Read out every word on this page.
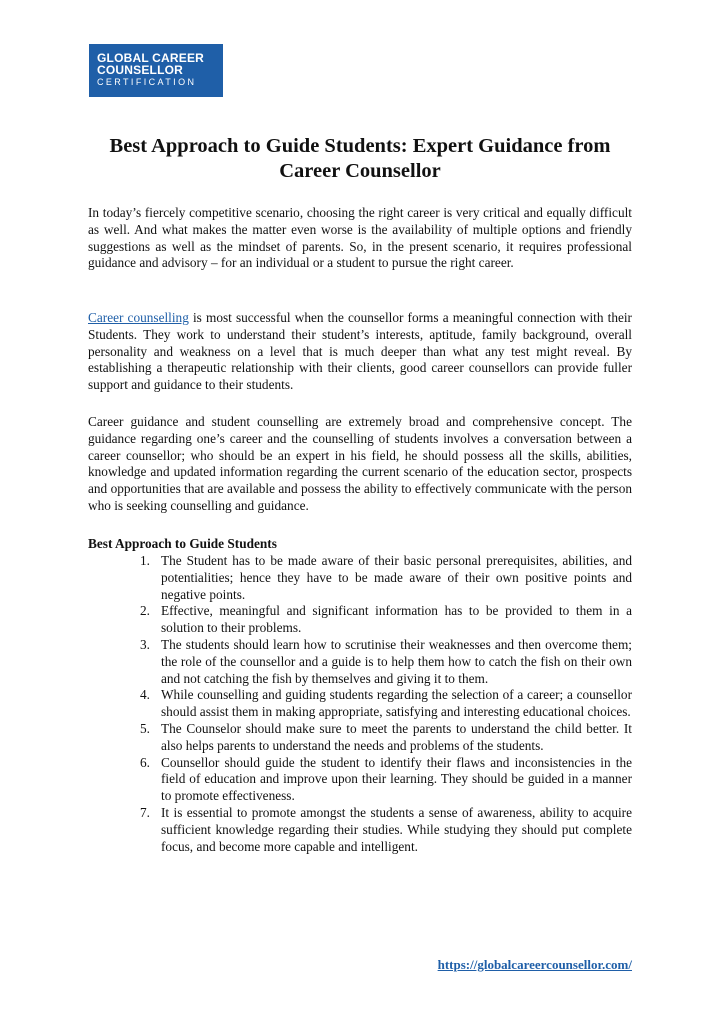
GLOBAL CAREER
COUNSELLOR
CERTIFICATION
Best Approach to Guide Students: Expert Guidance from Career Counsellor

In today’s fiercely competitive scenario, choosing the right career is very critical and equally difficult as well. And what makes the matter even worse is the availability of multiple options and friendly suggestions as well as the mindset of parents. So, in the present scenario, it requires professional guidance and advisory – for an individual or a student to pursue the right career.

Career counselling is most successful when the counsellor forms a meaningful connection with their Students. They work to understand their student’s interests, aptitude, family background, overall personality and weakness on a level that is much deeper than what any test might reveal. By establishing a therapeutic relationship with their clients, good career counsellors can provide fuller support and guidance to their students.

Career guidance and student counselling are extremely broad and comprehensive concept. The guidance regarding one’s career and the counselling of students involves a conversation between a career counsellor; who should be an expert in his field, he should possess all the skills, abilities, knowledge and updated information regarding the current scenario of the education sector, prospects and opportunities that are available and possess the ability to effectively communicate with the person who is seeking counselling and guidance.

Best Approach to Guide Students
1. The Student has to be made aware of their basic personal prerequisites, abilities, and potentialities; hence they have to be made aware of their own positive points and negative points.
2. Effective, meaningful and significant information has to be provided to them in a solution to their problems.
3. The students should learn how to scrutinise their weaknesses and then overcome them; the role of the counsellor and a guide is to help them how to catch the fish on their own and not catching the fish by themselves and giving it to them.
4. While counselling and guiding students regarding the selection of a career; a counsellor should assist them in making appropriate, satisfying and interesting educational choices.
5. The Counselor should make sure to meet the parents to understand the child better. It also helps parents to understand the needs and problems of the students.
6. Counsellor should guide the student to identify their flaws and inconsistencies in the field of education and improve upon their learning. They should be guided in a manner to promote effectiveness.
7. It is essential to promote amongst the students a sense of awareness, ability to acquire sufficient knowledge regarding their studies. While studying they should put complete focus, and become more capable and intelligent.
https://globalcareercounsellor.com/
